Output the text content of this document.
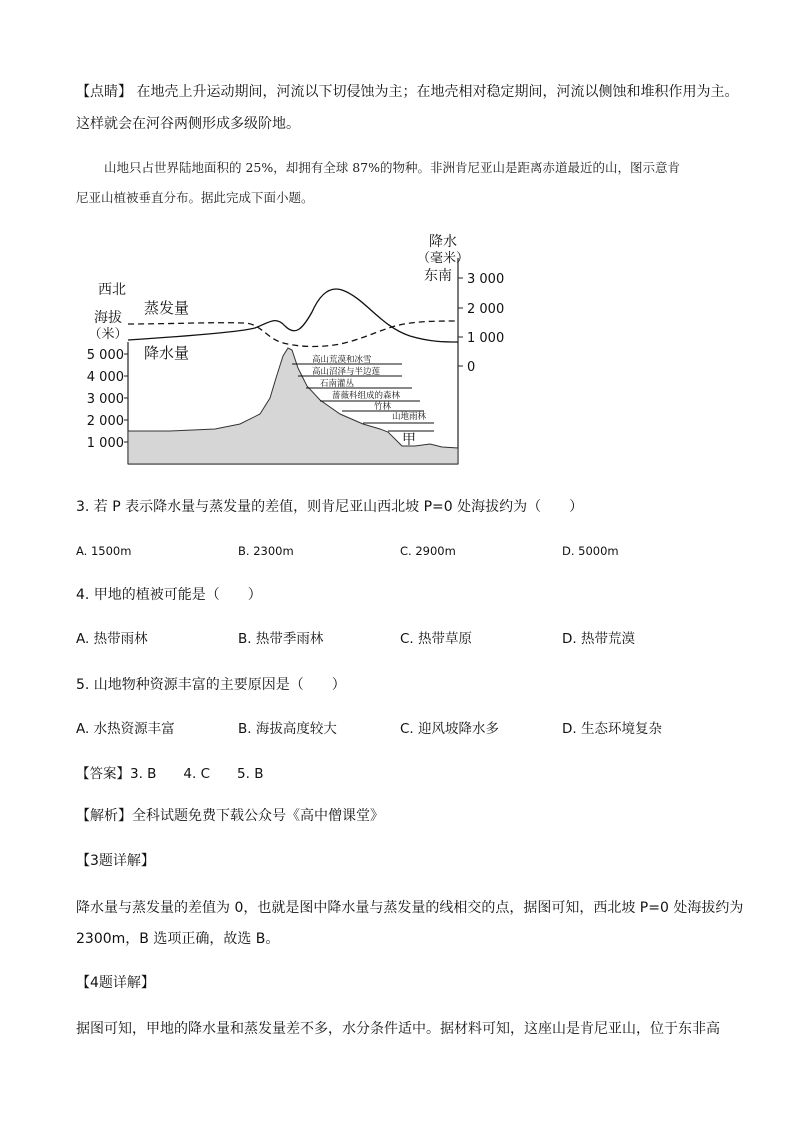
【点睛】 在地壳上升运动期间，河流以下切侵蚀为主；在地壳相对稳定期间，河流以侧蚀和堆积作用为主。
这样就会在河谷两侧形成多级阶地。
山地只占世界陆地面积的 25%，却拥有全球 87%的物种。非洲肯尼亚山是距离赤道最近的山，图示意肯
尼亚山植被垂直分布。据此完成下面小题。
5 000
4 000
3 000
2 000
1 000
3 000
2 000
1 000
0
西北
海拔
（米）
降水
（毫米）
东南
蒸发量
降水量	高山荒漠和冰雪
高山沼泽与半边莲
石南灌丛
蔷薇科组成的森林
竹林
山地雨林
甲
3. 若 P 表示降水量与蒸发量的差值，则肯尼亚山西北坡 P=0 处海拔约为（　　）
A. 1500m	B. 2300m	C. 2900m	D. 5000m
4. 甲地的植被可能是（　　）
A. 热带雨林	B. 热带季雨林	C. 热带草原	D. 热带荒漠
5. 山地物种资源丰富的主要原因是（　　）
A. 水热资源丰富	B. 海拔高度较大	C. 迎风坡降水多	D. 生态环境复杂
【答案】3. B　　4. C　　5. B
【解析】全科试题免费下载公众号《高中僧课堂》
【3题详解】
降水量与蒸发量的差值为 0，也就是图中降水量与蒸发量的线相交的点，据图可知，西北坡 P=0 处海拔约为
2300m，B 选项正确，故选 B。
【4题详解】
据图可知，甲地的降水量和蒸发量差不多，水分条件适中。据材料可知，这座山是肯尼亚山，位于东非高
